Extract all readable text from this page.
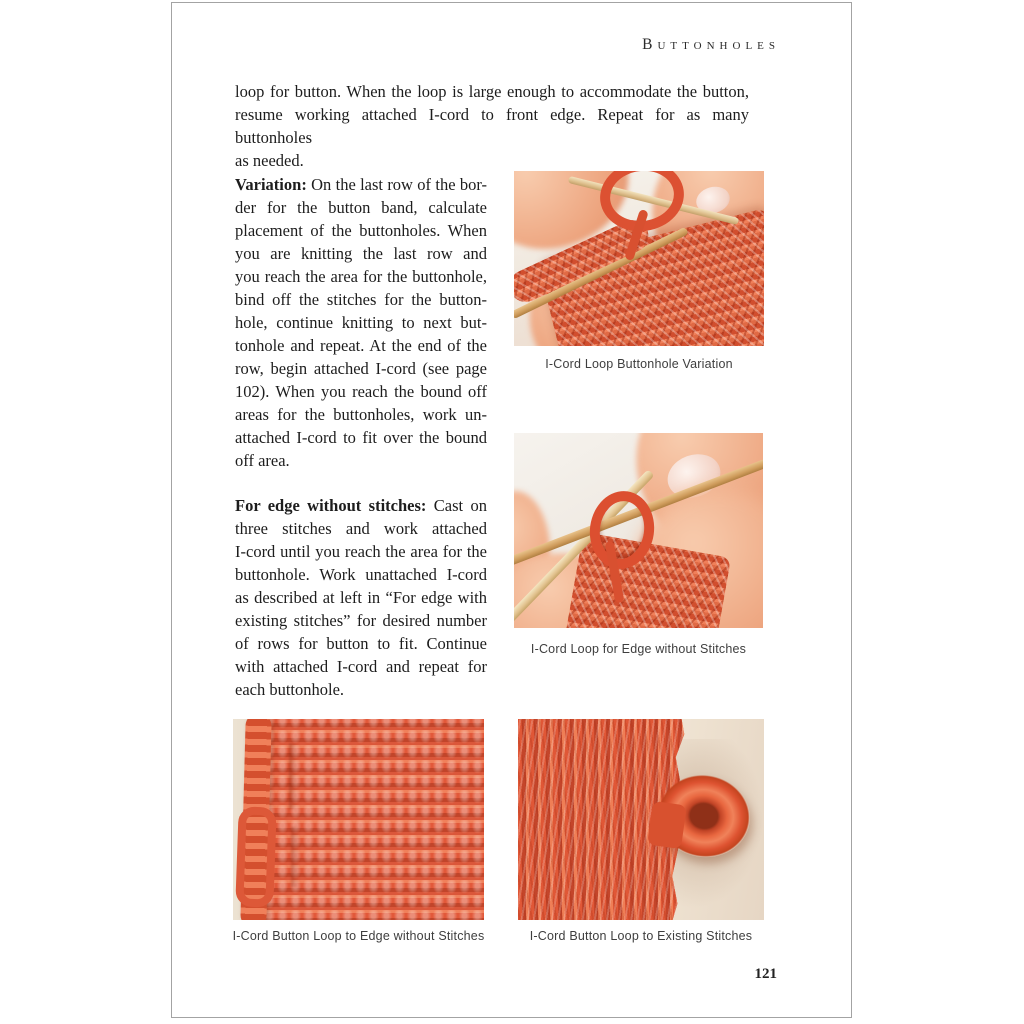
Buttonholes
loop for button. When the loop is large enough to accommodate the button,
resume working attached I-cord to front edge. Repeat for as many buttonholes
as needed.
Variation: On the last row of the bor-
der for the button band, calculate
placement of the buttonholes. When
you are knitting the last row and
you reach the area for the buttonhole,
bind off the stitches for the button-
hole, continue knitting to next but-
tonhole and repeat. At the end of the
row, begin attached I-cord (see page
102). When you reach the bound off
areas for the buttonholes, work un-
attached I-cord to fit over the bound
off area.
For edge without stitches: Cast on
three stitches and work attached
I-cord until you reach the area for the
buttonhole. Work unattached I-cord
as described at left in “For edge with
existing stitches” for desired number
of rows for button to fit. Continue
with attached I-cord and repeat for
each buttonhole.
I-Cord Loop Buttonhole Variation
I-Cord Loop for Edge without Stitches
I-Cord Button Loop to Edge without Stitches	I-Cord Button Loop to Existing Stitches
121
